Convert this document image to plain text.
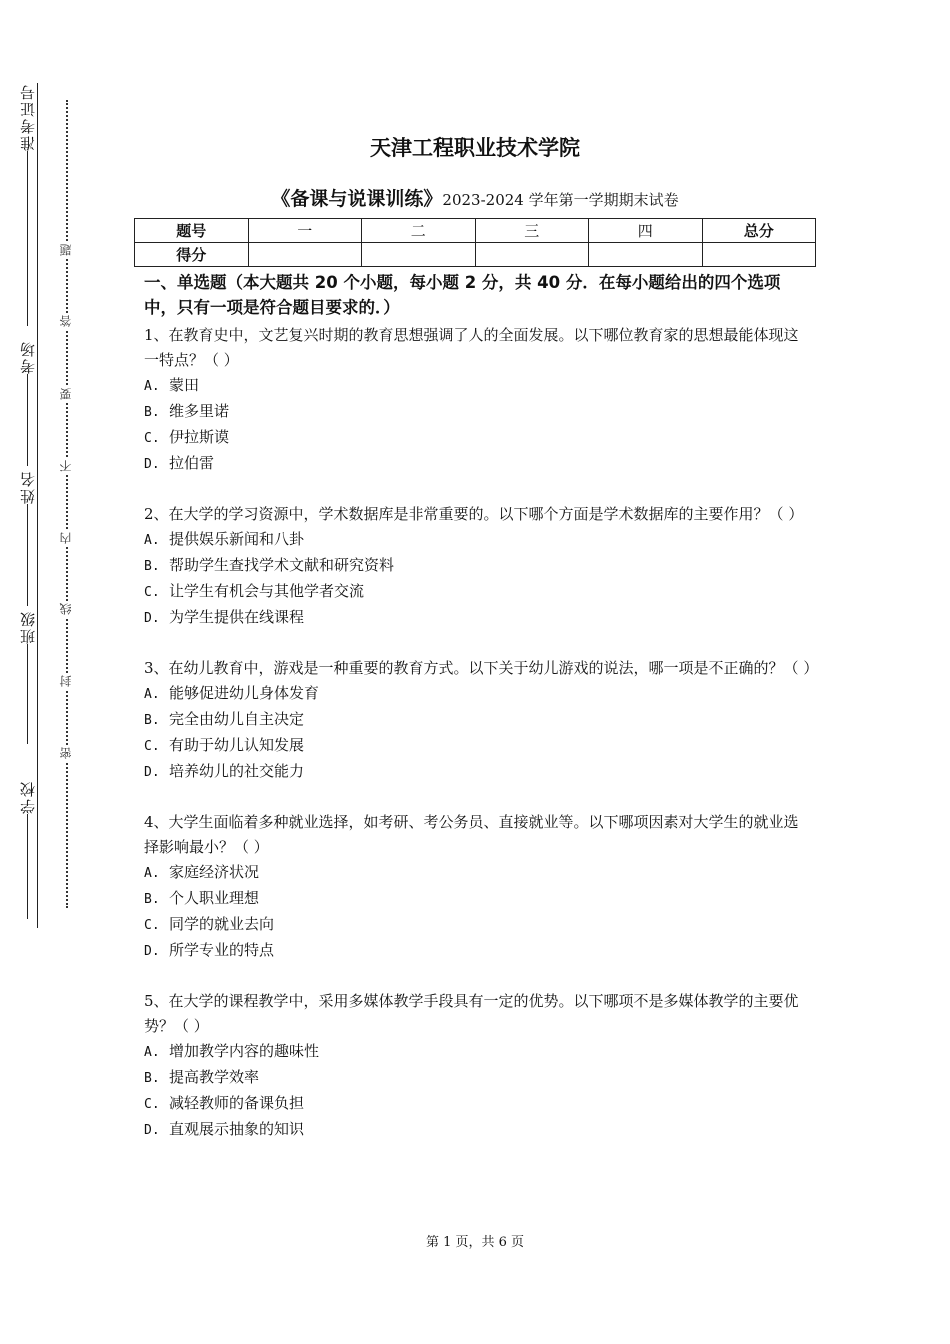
准考证号
考场
姓名
班级
学校
题
答
要
不
内
线
封
密
天津工程职业技术学院
《备课与说课训练》2023-2024 学年第一学期期末试卷
题号	一	二	三	四	总分
得分					
一、单选题（本大题共 20 个小题，每小题 2 分，共 40 分．在每小题给出的四个选项中，只有一项是符合题目要求的．）
1、在教育史中，文艺复兴时期的教育思想强调了人的全面发展。以下哪位教育家的思想最能体现这一特点？（ ）
A. 蒙田
B. 维多里诺
C. 伊拉斯谟
D. 拉伯雷
2、在大学的学习资源中，学术数据库是非常重要的。以下哪个方面是学术数据库的主要作用？（ ）
A. 提供娱乐新闻和八卦
B. 帮助学生查找学术文献和研究资料
C. 让学生有机会与其他学者交流
D. 为学生提供在线课程
3、在幼儿教育中，游戏是一种重要的教育方式。以下关于幼儿游戏的说法，哪一项是不正确的？（ ）
A. 能够促进幼儿身体发育
B. 完全由幼儿自主决定
C. 有助于幼儿认知发展
D. 培养幼儿的社交能力
4、大学生面临着多种就业选择，如考研、考公务员、直接就业等。以下哪项因素对大学生的就业选择影响最小？（ ）
A. 家庭经济状况
B. 个人职业理想
C. 同学的就业去向
D. 所学专业的特点
5、在大学的课程教学中，采用多媒体教学手段具有一定的优势。以下哪项不是多媒体教学的主要优势？（ ）
A. 增加教学内容的趣味性
B. 提高教学效率
C. 减轻教师的备课负担
D. 直观展示抽象的知识
第 1 页，共 6 页
